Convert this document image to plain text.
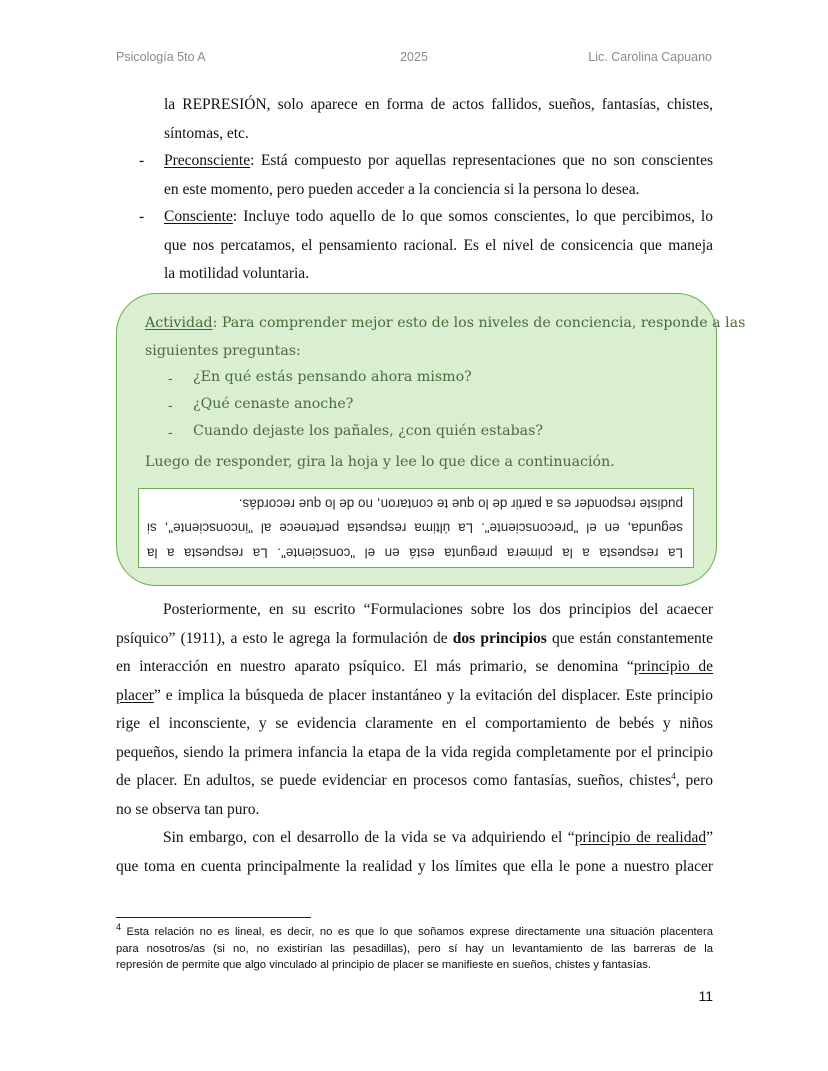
Psicología 5to A	2025	Lic. Carolina Capuano
la REPRESIÓN, solo aparece en forma de actos fallidos, sueños, fantasías, chistes,
síntomas, etc.
- Preconsciente: Está compuesto por aquellas representaciones que no son conscientes
en este momento, pero pueden acceder a la conciencia si la persona lo desea.
- Consciente: Incluye todo aquello de lo que somos conscientes, lo que percibimos, lo
que nos percatamos, el pensamiento racional. Es el nivel de consicencia que maneja
la motilidad voluntaria.
Actividad: Para comprender mejor esto de los niveles de conciencia, responde a las
siguientes preguntas:
- ¿En qué estás pensando ahora mismo?
- ¿Qué cenaste anoche?
- Cuando dejaste los pañales, ¿con quién estabas?
Luego de responder, gira la hoja y lee lo que dice a continuación.
La respuesta a la primera pregunta está en el "consciente". La respuesta a la
segunda, en el "preconsciente". La última respuesta pertenece al "inconsciente", si
pudiste responder es a partir de lo que te contaron, no de lo que recordás.
Posteriormente, en su escrito “Formulaciones sobre los dos principios del acaecer
psíquico” (1911), a esto le agrega la formulación de dos principios que están constantemente
en interacción en nuestro aparato psíquico. El más primario, se denomina “principio de
placer” e implica la búsqueda de placer instantáneo y la evitación del displacer. Este principio
rige el inconsciente, y se evidencia claramente en el comportamiento de bebés y niños
pequeños, siendo la primera infancia la etapa de la vida regida completamente por el principio
de placer. En adultos, se puede evidenciar en procesos como fantasías, sueños, chistes$^4$, pero
no se observa tan puro.
Sin embargo, con el desarrollo de la vida se va adquiriendo el “principio de realidad”
que toma en cuenta principalmente la realidad y los límites que ella le pone a nuestro placer
$^4$ Esta relación no es lineal, es decir, no es que lo que soñamos exprese directamente una situación placentera
para nosotros/as (si no, no existirían las pesadillas), pero sí hay un levantamiento de las barreras de la
represión de permite que algo vinculado al principio de placer se manifieste en sueños, chistes y fantasías.
11
